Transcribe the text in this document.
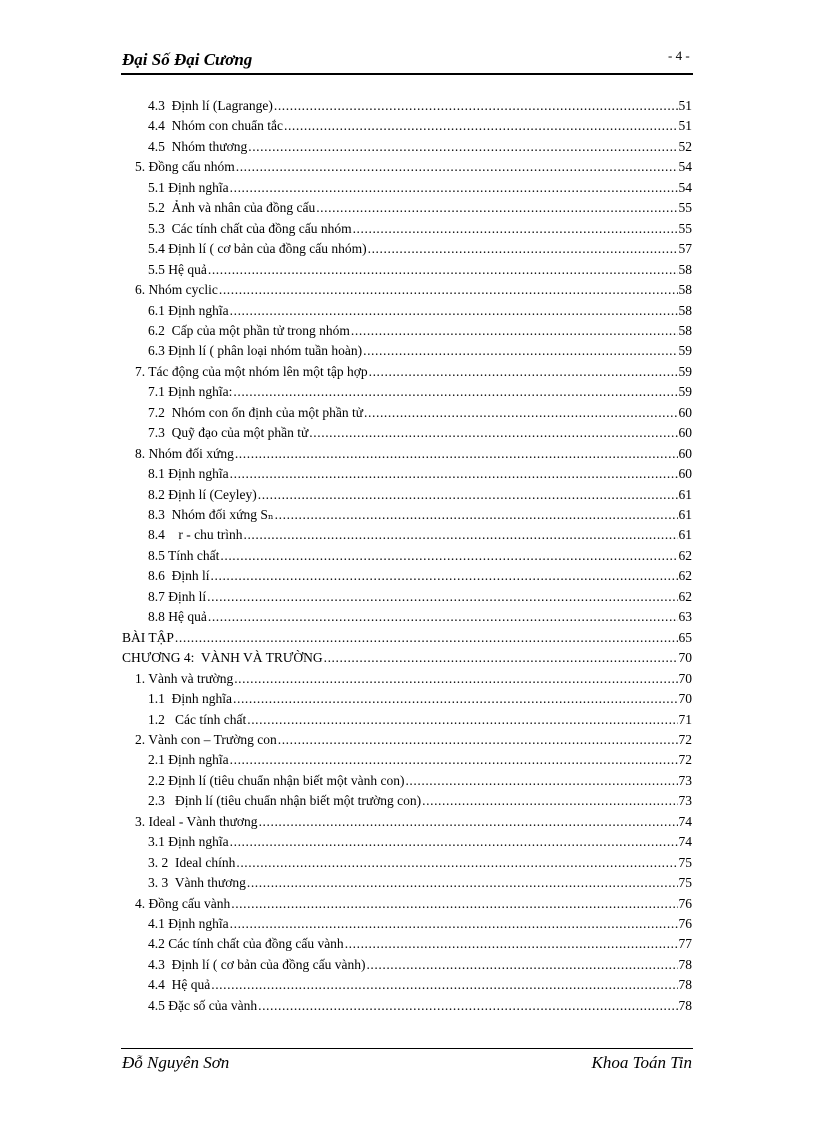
Đại Số Đại Cương	- 4 -
4.3  Định lí (Lagrange) .....	51
4.4  Nhóm con chuẩn tắc .....	51
4.5  Nhóm thương .....	52
5. Đồng cấu nhóm .....	54
5.1 Định nghĩa .....	54
5.2  Ảnh và nhân của đồng cấu .....	55
5.3  Các tính chất của đồng cấu nhóm .....	55
5.4 Định lí ( cơ bản của đồng cấu nhóm) .....	57
5.5 Hệ quả .....	58
6. Nhóm cyclic .....	58
6.1 Định nghĩa .....	58
6.2  Cấp của một phần tử trong nhóm .....	58
6.3 Định lí ( phân loại nhóm tuần hoàn) .....	59
7. Tác động của một nhóm lên một tập hợp .....	59
7.1 Định nghĩa: .....	59
7.2  Nhóm con ổn định của một phần tử .....	60
7.3  Quỹ đạo của một phần tử .....	60
8. Nhóm đối xứng .....	60
8.1 Định nghĩa .....	60
8.2 Định lí (Ceyley) .....	61
8.3  Nhóm đối xứng Sₙ .....	61
8.4    r - chu trình .....	61
8.5 Tính chất .....	62
8.6  Định lí .....	62
8.7 Định lí .....	62
8.8 Hệ quả .....	63
BÀI TẬP .....	65
CHƯƠNG 4:  VÀNH VÀ TRƯỜNG .....	70
1. Vành và trường .....	70
1.1  Định nghĩa .....	70
1.2   Các tính chất .....	71
2. Vành con – Trường con .....	72
2.1 Định nghĩa .....	72
2.2 Định lí (tiêu chuẩn nhận biết một vành con) .....	73
2.3   Định lí (tiêu chuẩn nhận biết một trường con) .....	73
3. Ideal - Vành thương .....	74
3.1 Định nghĩa .....	74
3. 2  Ideal chính .....	75
3. 3  Vành thương .....	75
4. Đồng cấu vành .....	76
4.1 Định nghĩa .....	76
4.2 Các tính chất của đồng cấu vành .....	77
4.3  Định lí ( cơ bản của đồng cấu vành) .....	78
4.4  Hệ quả .....	78
4.5 Đặc số của vành .....	78
Đỗ Nguyên Sơn	Khoa Toán Tin
